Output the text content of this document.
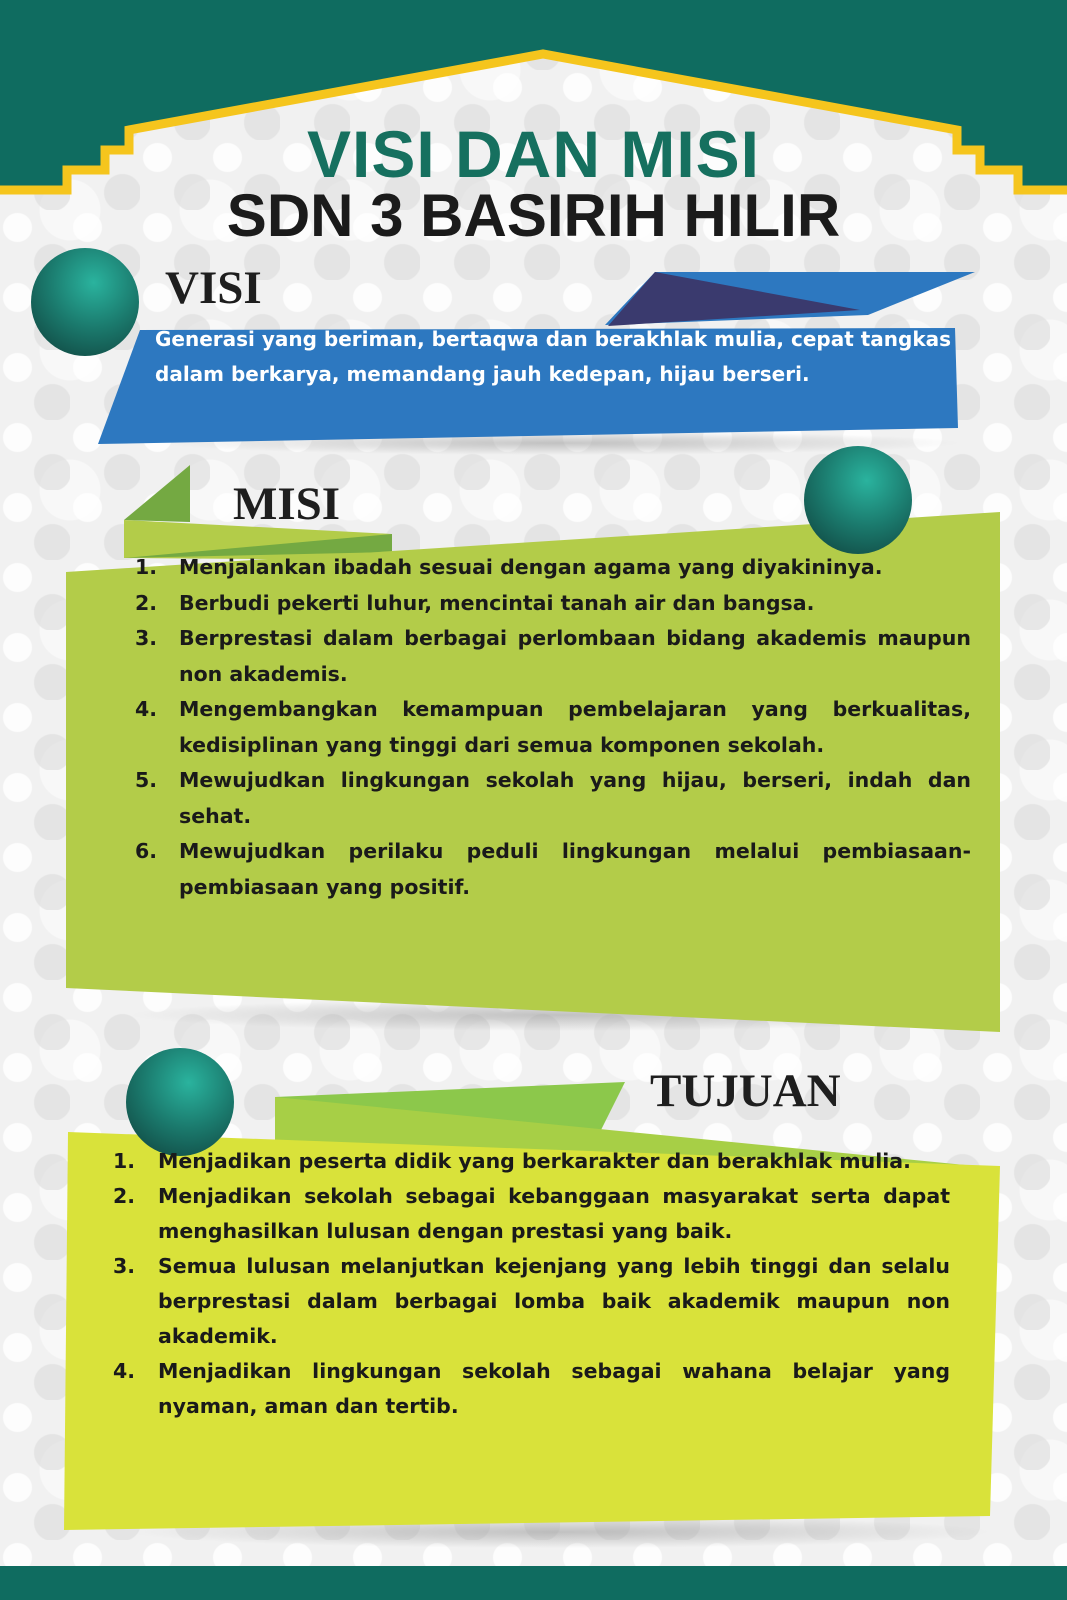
VISI DAN MISI
SDN 3 BASIRIH HILIR
VISI
Generasi yang beriman, bertaqwa dan berakhlak mulia, cepat tangkas dalam berkarya, memandang jauh kedepan, hijau berseri.
MISI
1. Menjalankan ibadah sesuai dengan agama yang diyakininya.
2. Berbudi pekerti luhur, mencintai tanah air dan bangsa.
3. Berprestasi dalam berbagai perlombaan bidang akademis maupun non akademis.
4. Mengembangkan kemampuan pembelajaran yang berkualitas, kedisiplinan yang tinggi dari semua komponen sekolah.
5. Mewujudkan lingkungan sekolah yang hijau, berseri, indah dan sehat.
6. Mewujudkan perilaku peduli lingkungan melalui pembiasaan-pembiasaan yang positif.
TUJUAN
1. Menjadikan peserta didik yang berkarakter dan berakhlak mulia.
2. Menjadikan sekolah sebagai kebanggaan masyarakat serta dapat menghasilkan lulusan dengan prestasi yang baik.
3. Semua lulusan melanjutkan kejenjang yang lebih tinggi dan selalu berprestasi dalam berbagai lomba baik akademik maupun non akademik.
4. Menjadikan lingkungan sekolah sebagai wahana belajar yang nyaman, aman dan tertib.
